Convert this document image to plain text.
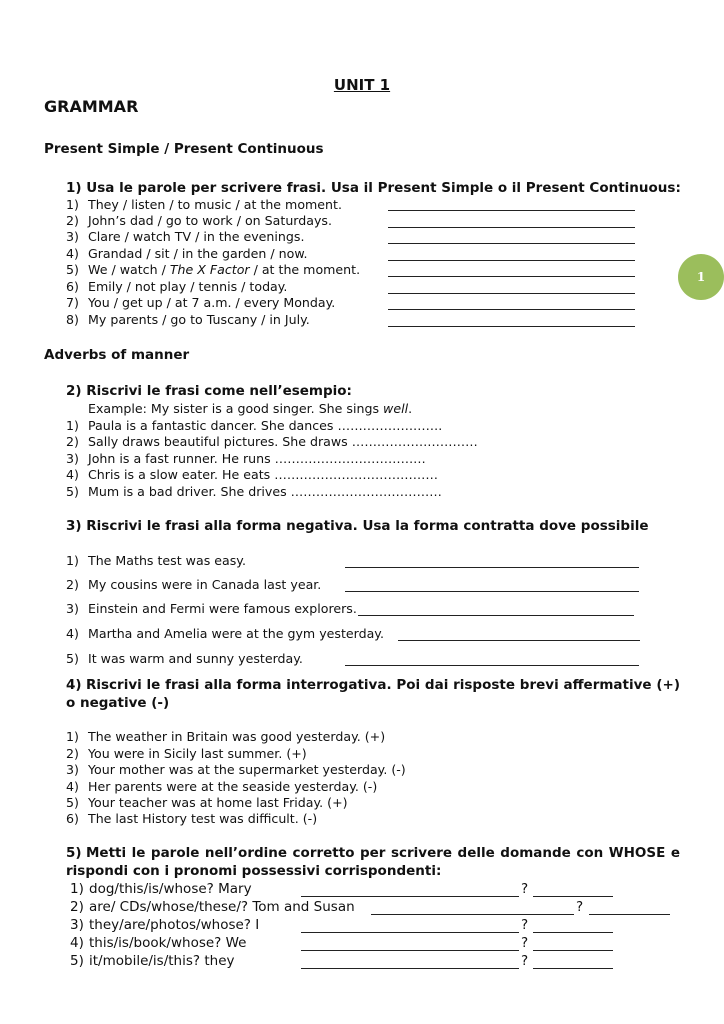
UNIT 1
GRAMMAR
1
Present Simple / Present Continuous
1) Usa le parole per scrivere frasi. Usa il Present Simple o il Present Continuous:
1) They / listen / to music / at the moment.
2) John’s dad / go to work / on Saturdays.
3) Clare / watch TV / in the evenings.
4) Grandad / sit / in the garden / now.
5) We / watch / The X Factor / at the moment.
6) Emily / not play / tennis / today.
7) You / get up / at 7 a.m. / every Monday.
8) My parents / go to Tuscany / in July.
Adverbs of manner
2) Riscrivi le frasi come nell’esempio:
Example: My sister is a good singer. She sings well.
1) Paula is a fantastic dancer. She dances …………………….
2) Sally draws beautiful pictures. She draws …………………………
3) John is a fast runner. He runs ………………………………
4) Chris is a slow eater. He eats …………………………………
5) Mum is a bad driver. She drives ………………………………
3) Riscrivi le frasi alla forma negativa. Usa la forma contratta dove possibile
1) The Maths test was easy.
2) My cousins were in Canada last year.
3) Einstein and Fermi were famous explorers.
4) Martha and Amelia were at the gym yesterday.
5) It was warm and sunny yesterday.
4) Riscrivi le frasi alla forma interrogativa. Poi dai risposte brevi affermative (+) o negative (-)
1) The weather in Britain was good yesterday. (+)
2) You were in Sicily last summer. (+)
3) Your mother was at the supermarket yesterday. (-)
4) Her parents were at the seaside yesterday. (-)
5) Your teacher was at home last Friday. (+)
6) The last History test was difficult. (-)
5) Metti le parole nell’ordine corretto per scrivere delle domande con WHOSE e rispondi con i pronomi possessivi corrispondenti:
1) dog/this/is/whose? Mary
2) are/ CDs/whose/these/? Tom and Susan
3) they/are/photos/whose? I
4) this/is/book/whose? We
5) it/mobile/is/this? they
?
?
?
?
?
